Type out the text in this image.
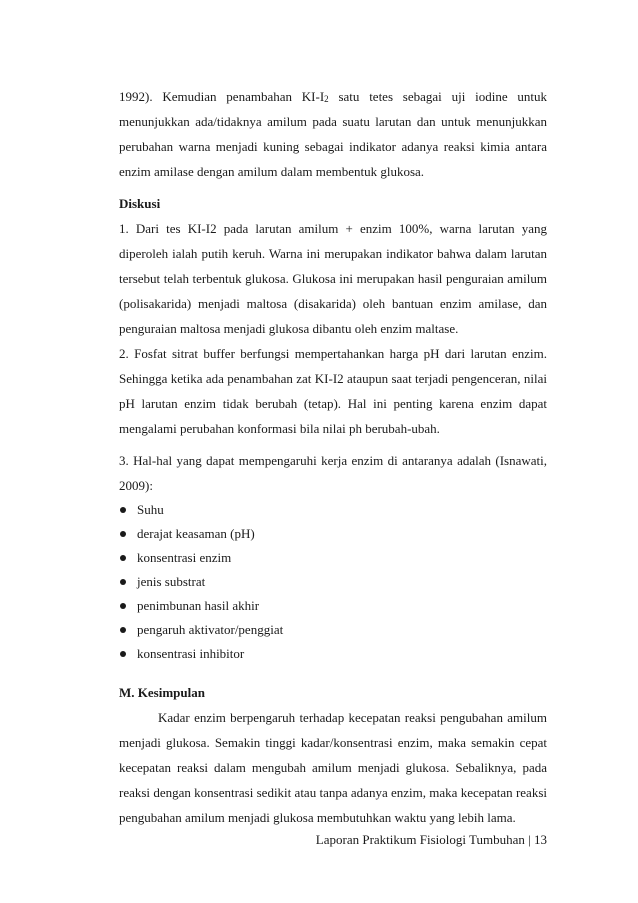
1992). Kemudian penambahan $KI-I_2$ satu tetes sebagai uji iodine untuk
menunjukkan ada/tidaknya amilum pada suatu larutan dan untuk menunjukkan
perubahan warna menjadi kuning sebagai indikator adanya reaksi kimia antara
enzim amilase dengan amilum dalam membentuk glukosa.
Diskusi
1. Dari tes KI-I2 pada larutan amilum + enzim 100%, warna larutan yang
diperoleh ialah putih keruh. Warna ini merupakan indikator bahwa dalam larutan
tersebut telah terbentuk glukosa. Glukosa ini merupakan hasil penguraian amilum
(polisakarida) menjadi maltosa (disakarida) oleh bantuan enzim amilase, dan
penguraian maltosa menjadi glukosa dibantu oleh enzim maltase.
2. Fosfat sitrat buffer berfungsi mempertahankan harga pH dari larutan enzim.
Sehingga ketika ada penambahan zat KI-I2 ataupun saat terjadi pengenceran, nilai
pH larutan enzim tidak berubah (tetap). Hal ini penting karena enzim dapat
mengalami perubahan konformasi bila nilai ph berubah-ubah.
3. Hal-hal yang dapat mempengaruhi kerja enzim di antaranya adalah (Isnawati,
2009):
Suhu
derajat keasaman (pH)
konsentrasi enzim
jenis substrat
penimbunan hasil akhir
pengaruh aktivator/penggiat
konsentrasi inhibitor
M. Kesimpulan
Kadar enzim berpengaruh terhadap kecepatan reaksi pengubahan amilum
menjadi glukosa. Semakin tinggi kadar/konsentrasi enzim, maka semakin cepat
kecepatan reaksi dalam mengubah amilum menjadi glukosa. Sebaliknya, pada
reaksi dengan konsentrasi sedikit atau tanpa adanya enzim, maka kecepatan reaksi
pengubahan amilum menjadi glukosa membutuhkan waktu yang lebih lama.
Laporan Praktikum Fisiologi Tumbuhan | 13
